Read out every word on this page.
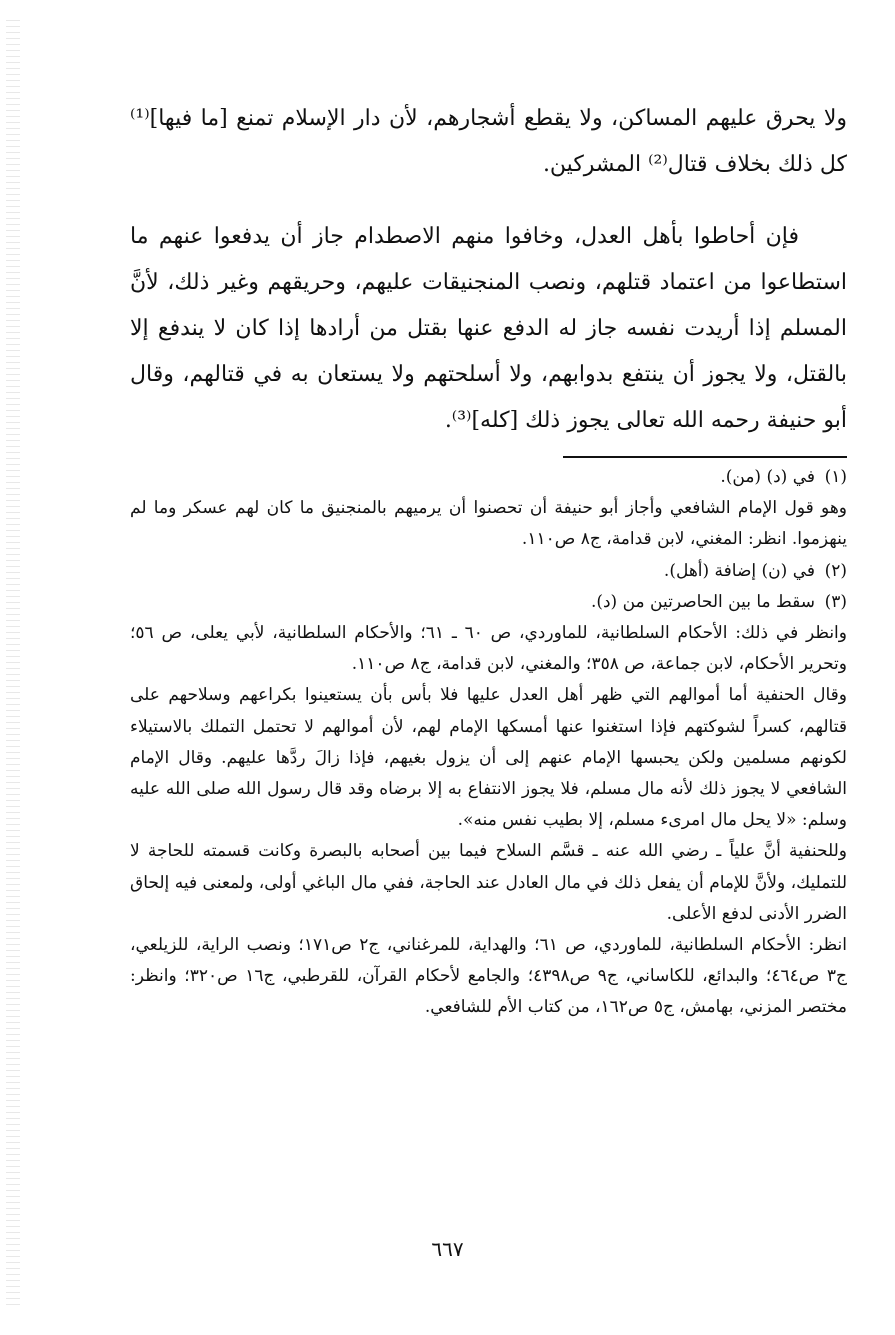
ولا يحرق عليهم المساكن، ولا يقطع أشجارهم، لأن دار الإسلام تمنع [ما فيها]⁽¹⁾ كل ذلك بخلاف قتال⁽²⁾ المشركين.

فإن أحاطوا بأهل العدل، وخافوا منهم الاصطدام جاز أن يدفعوا عنهم ما استطاعوا من اعتماد قتلهم، ونصب المنجنيقات عليهم، وحريقهم وغير ذلك، لأنَّ المسلم إذا أريدت نفسه جاز له الدفع عنها بقتل من أرادها إذا كان لا يندفع إلا بالقتل، ولا يجوز أن ينتفع بدوابهم، ولا أسلحتهم ولا يستعان به في قتالهم، وقال أبو حنيفة رحمه الله تعالى يجوز ذلك [كله]⁽³⁾.

(١)في (د) (من).

وهو قول الإمام الشافعي وأجاز أبو حنيفة أن تحصنوا أن يرميهم بالمنجنيق ما كان لهم عسكر وما لم ينهزموا. انظر: المغني، لابن قدامة، ج٨ ص١١٠.

(٢)في (ن) إضافة (أهل).

(٣)سقط ما بين الحاصرتين من (د).

وانظر في ذلك: الأحكام السلطانية، للماوردي، ص ٦٠ ـ ٦١؛ والأحكام السلطانية، لأبي يعلى، ص ٥٦؛ وتحرير الأحكام، لابن جماعة، ص ٣٥٨؛ والمغني، لابن قدامة، ج٨ ص١١٠.

وقال الحنفية أما أموالهم التي ظهر أهل العدل عليها فلا بأس بأن يستعينوا بكراعهم وسلاحهم على قتالهم، كسراً لشوكتهم فإذا استغنوا عنها أمسكها الإمام لهم، لأن أموالهم لا تحتمل التملك بالاستيلاء لكونهم مسلمين ولكن يحبسها الإمام عنهم إلى أن يزول بغيهم، فإذا زالَ ردَّها عليهم. وقال الإمام الشافعي لا يجوز ذلك لأنه مال مسلم، فلا يجوز الانتفاع به إلا برضاه وقد قال رسول الله صلى الله عليه وسلم: «لا يحل مال امرىء مسلم، إلا بطيب نفس منه».

وللحنفية أنَّ علياً ـ رضي الله عنه ـ قسَّم السلاح فيما بين أصحابه بالبصرة وكانت قسمته للحاجة لا للتمليك، ولأنَّ للإمام أن يفعل ذلك في مال العادل عند الحاجة، ففي مال الباغي أولى، ولمعنى فيه إلحاق الضرر الأدنى لدفع الأعلى.

انظر: الأحكام السلطانية، للماوردي، ص ٦١؛ والهداية، للمرغناني، ج٢ ص١٧١؛ ونصب الراية، للزيلعي، ج٣ ص٤٦٤؛ والبدائع، للكاساني، ج٩ ص٤٣٩٨؛ والجامع لأحكام القرآن، للقرطبي، ج١٦ ص٣٢٠؛ وانظر: مختصر المزني، بهامش، ج٥ ص١٦٢، من كتاب الأم للشافعي.

٦٦٧
